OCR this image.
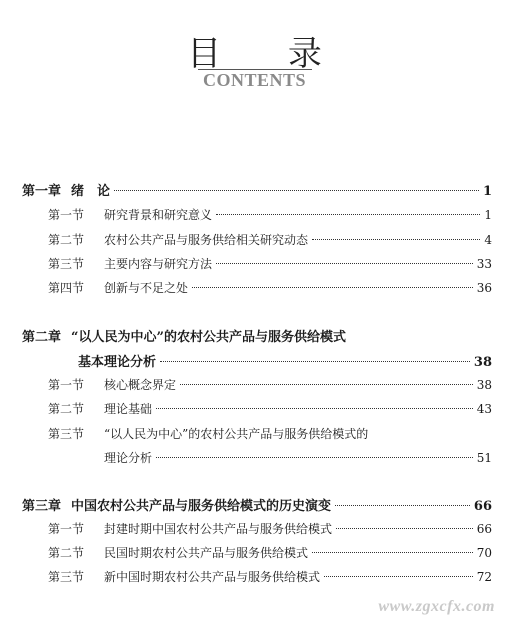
目 录
CONTENTS
第一章 绪　论	1
第一节 研究背景和研究意义	1
第二节 农村公共产品与服务供给相关研究动态	4
第三节 主要内容与研究方法	33
第四节 创新与不足之处	36
第二章 “以人民为中心”的农村公共产品与服务供给模式
基本理论分析	38
第一节 核心概念界定	38
第二节 理论基础	43
第三节 “以人民为中心”的农村公共产品与服务供给模式的
理论分析	51
第三章 中国农村公共产品与服务供给模式的历史演变	66
第一节 封建时期中国农村公共产品与服务供给模式	66
第二节 民国时期农村公共产品与服务供给模式	70
第三节 新中国时期农村公共产品与服务供给模式	72
www.zgxcfx.com
